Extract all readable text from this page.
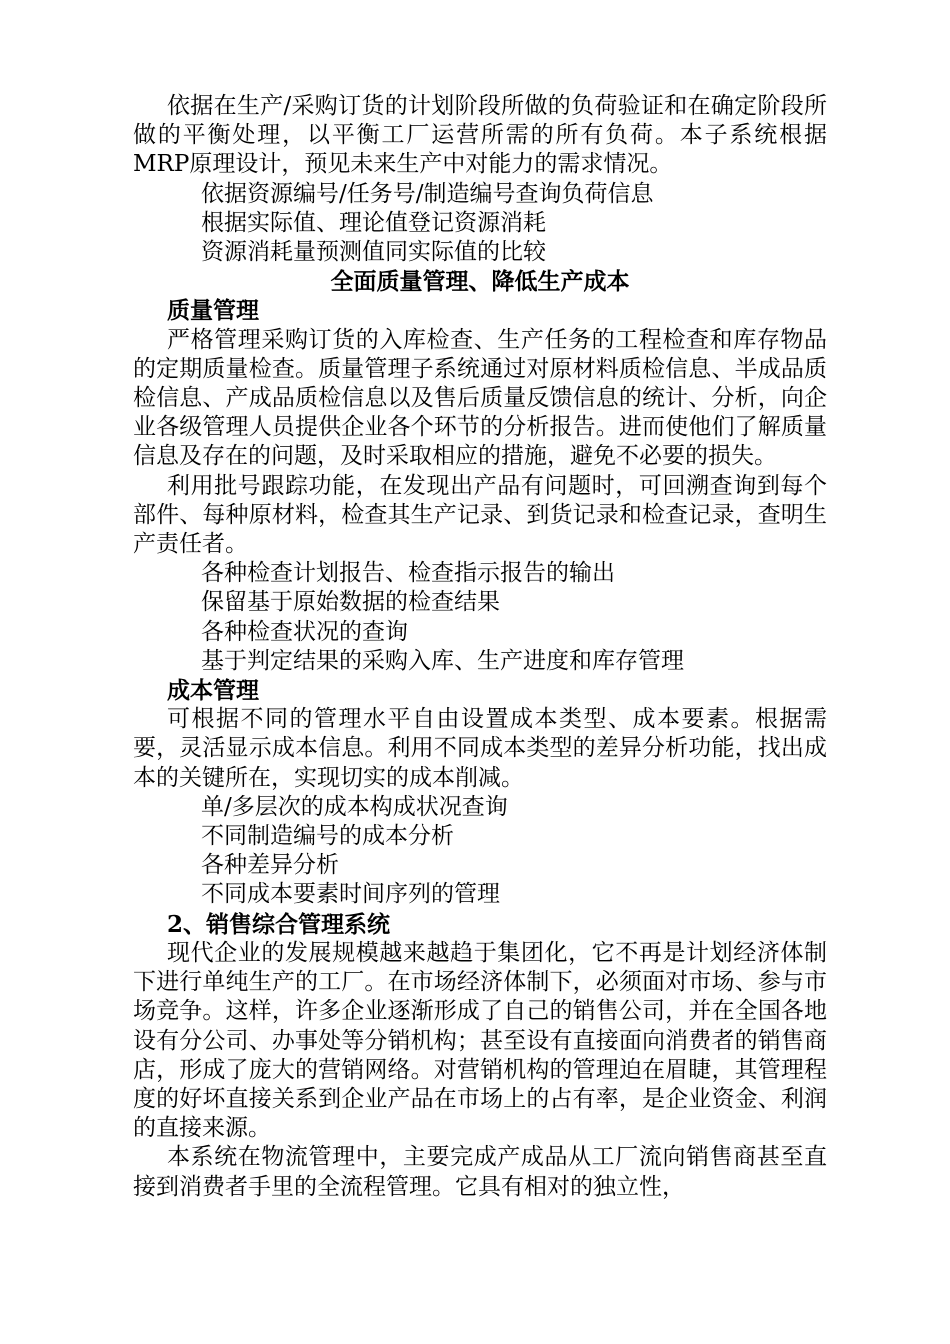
依据在生产/采购订货的计划阶段所做的负荷验证和在确定阶段所做的平衡处理，以平衡工厂运营所需的所有负荷。本子系统根据MRP原理设计，预见未来生产中对能力的需求情况。

依据资源编号/任务号/制造编号查询负荷信息

根据实际值、理论值登记资源消耗

资源消耗量预测值同实际值的比较

全面质量管理、降低生产成本

质量管理

严格管理采购订货的入库检查、生产任务的工程检查和库存物品的定期质量检查。质量管理子系统通过对原材料质检信息、半成品质检信息、产成品质检信息以及售后质量反馈信息的统计、分析，向企业各级管理人员提供企业各个环节的分析报告。进而使他们了解质量信息及存在的问题，及时采取相应的措施，避免不必要的损失。

利用批号跟踪功能，在发现出产品有问题时，可回溯查询到每个部件、每种原材料，检查其生产记录、到货记录和检查记录，查明生产责任者。

各种检查计划报告、检查指示报告的输出

保留基于原始数据的检查结果

各种检查状况的查询

基于判定结果的采购入库、生产进度和库存管理

成本管理

可根据不同的管理水平自由设置成本类型、成本要素。根据需要，灵活显示成本信息。利用不同成本类型的差异分析功能，找出成本的关键所在，实现切实的成本削减。

单/多层次的成本构成状况查询

不同制造编号的成本分析

各种差异分析

不同成本要素时间序列的管理

2、销售综合管理系统

现代企业的发展规模越来越趋于集团化，它不再是计划经济体制下进行单纯生产的工厂。在市场经济体制下，必须面对市场、参与市场竞争。这样，许多企业逐渐形成了自己的销售公司，并在全国各地设有分公司、办事处等分销机构；甚至设有直接面向消费者的销售商店，形成了庞大的营销网络。对营销机构的管理迫在眉睫，其管理程度的好坏直接关系到企业产品在市场上的占有率，是企业资金、利润的直接来源。

本系统在物流管理中，主要完成产成品从工厂流向销售商甚至直接到消费者手里的全流程管理。它具有相对的独立性，
